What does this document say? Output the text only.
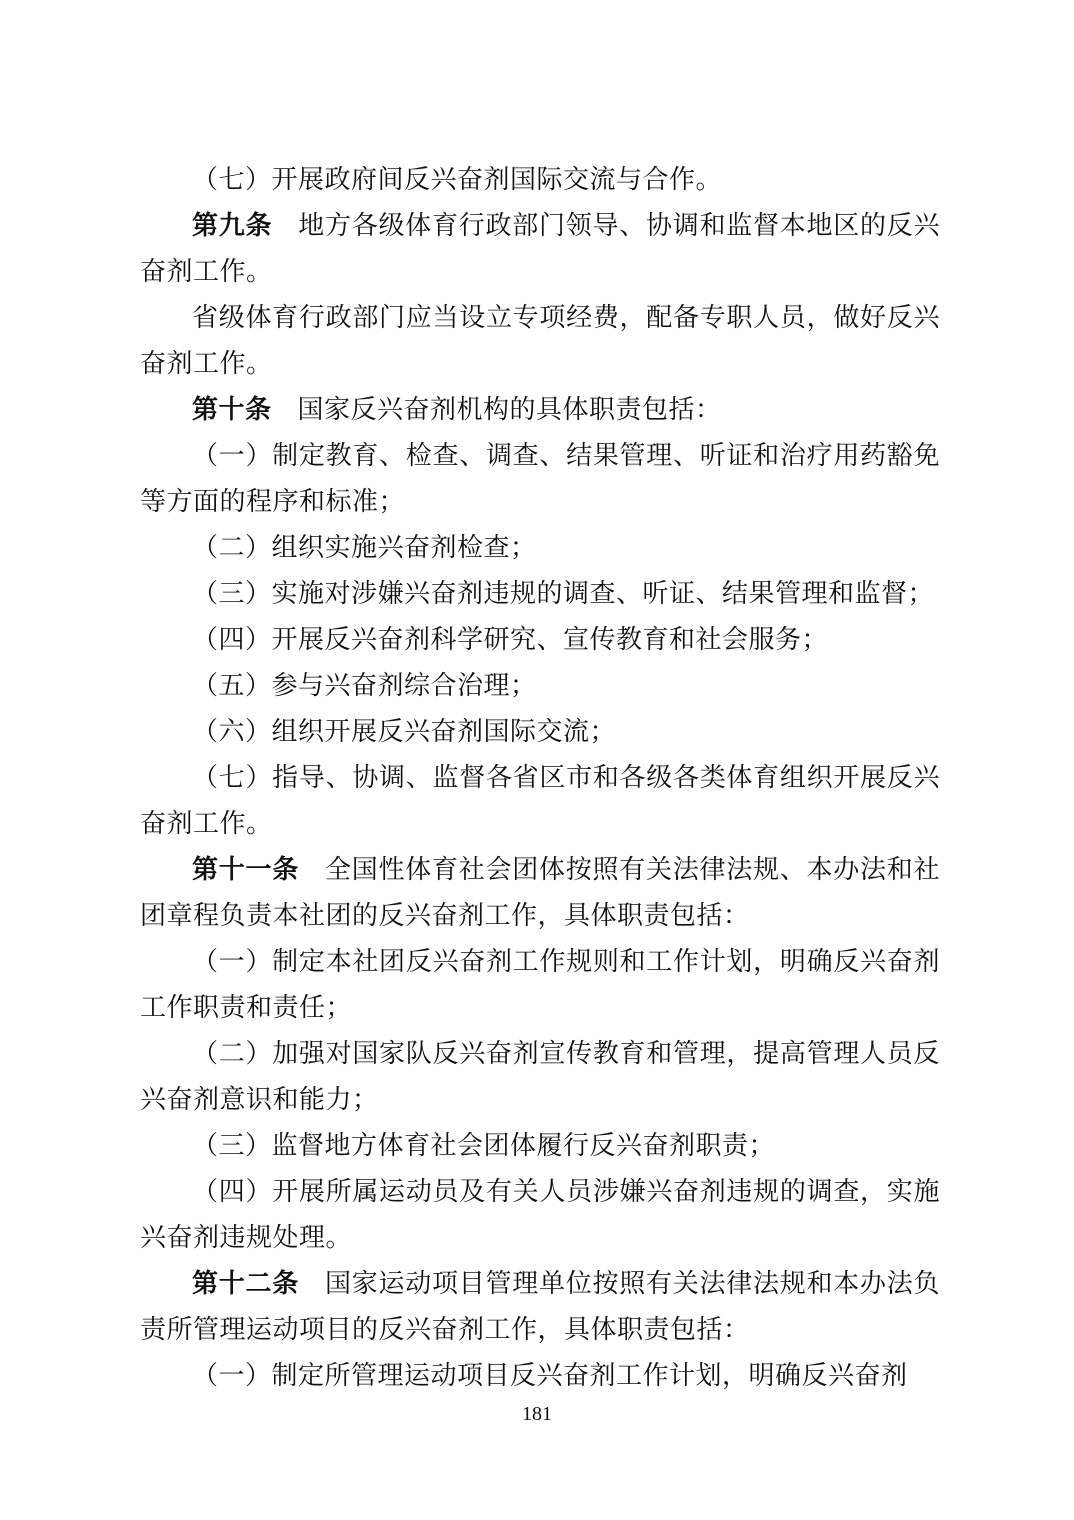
（七）开展政府间反兴奋剂国际交流与合作。

第九条 地方各级体育行政部门领导、协调和监督本地区的反兴奋剂工作。

省级体育行政部门应当设立专项经费，配备专职人员，做好反兴奋剂工作。

第十条 国家反兴奋剂机构的具体职责包括：

（一）制定教育、检查、调查、结果管理、听证和治疗用药豁免等方面的程序和标准；

（二）组织实施兴奋剂检查；

（三）实施对涉嫌兴奋剂违规的调查、听证、结果管理和监督；

（四）开展反兴奋剂科学研究、宣传教育和社会服务；

（五）参与兴奋剂综合治理；

（六）组织开展反兴奋剂国际交流；

（七）指导、协调、监督各省区市和各级各类体育组织开展反兴奋剂工作。

第十一条 全国性体育社会团体按照有关法律法规、本办法和社团章程负责本社团的反兴奋剂工作，具体职责包括：

（一）制定本社团反兴奋剂工作规则和工作计划，明确反兴奋剂工作职责和责任；

（二）加强对国家队反兴奋剂宣传教育和管理，提高管理人员反兴奋剂意识和能力；

（三）监督地方体育社会团体履行反兴奋剂职责；

（四）开展所属运动员及有关人员涉嫌兴奋剂违规的调查，实施兴奋剂违规处理。

第十二条 国家运动项目管理单位按照有关法律法规和本办法负责所管理运动项目的反兴奋剂工作，具体职责包括：

（一）制定所管理运动项目反兴奋剂工作计划，明确反兴奋剂

181
